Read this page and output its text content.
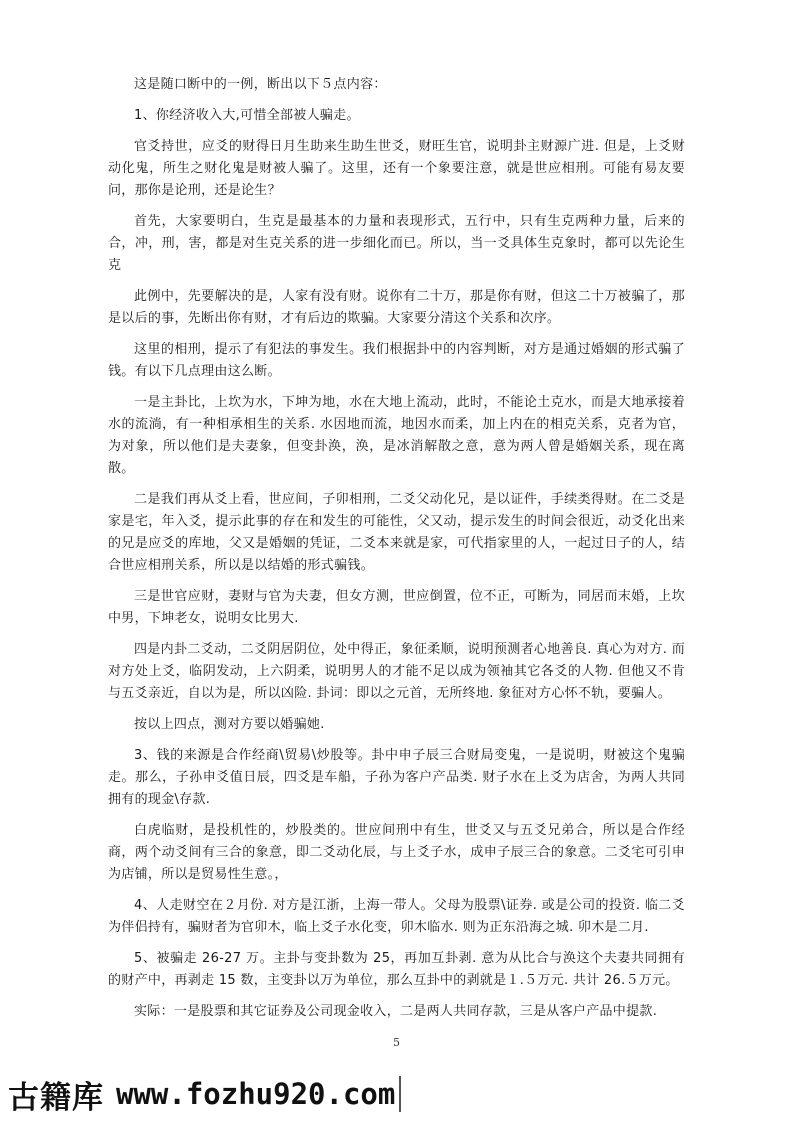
这是随口断中的一例，断出以下５点内容：

1、你经济收入大,可惜全部被人骗走。

官爻持世，应爻的财得日月生助来生助生世爻，财旺生官，说明卦主财源广进. 但是，上爻财动化鬼，所生之财化鬼是财被人骗了。这里，还有一个象要注意，就是世应相刑。可能有易友要问，那你是论刑，还是论生？

首先，大家要明白，生克是最基本的力量和表现形式，五行中，只有生克两种力量，后来的合，冲，刑，害，都是对生克关系的进一步细化而已。所以，当一爻具体生克象时，都可以先论生克

此例中，先要解决的是，人家有没有财。说你有二十万，那是你有财，但这二十万被骗了，那是以后的事，先断出你有财，才有后边的欺骗。大家要分清这个关系和次序。

这里的相刑，提示了有犯法的事发生。我们根据卦中的内容判断，对方是通过婚姻的形式骗了钱。有以下几点理由这么断。

一是主卦比，上坎为水，下坤为地，水在大地上流动，此时，不能论土克水，而是大地承接着水的流淌，有一种相承相生的关系. 水因地而流，地因水而柔，加上内在的相克关系，克者为官，为对象，所以他们是夫妻象，但变卦涣，涣，是冰消解散之意，意为两人曾是婚姻关系，现在离散。

二是我们再从爻上看，世应间，子卯相刑，二爻父动化兄，是以证件，手续类得财。在二爻是家是宅，年入爻，提示此事的存在和发生的可能性，父又动，提示发生的时间会很近，动爻化出来的兄是应爻的库地，父又是婚姻的凭证，二爻本来就是家，可代指家里的人，一起过日子的人，结合世应相刑关系，所以是以结婚的形式骗钱。

三是世官应财，妻财与官为夫妻，但女方测，世应倒置，位不正，可断为，同居而末婚，上坎中男，下坤老女，说明女比男大.

四是内卦二爻动，二爻阴居阴位，处中得正，象征柔顺，说明预测者心地善良. 真心为对方. 而对方处上爻，临阴发动，上六阴柔，说明男人的才能不足以成为领袖其它各爻的人物. 但他又不肯与五爻亲近，自以为是，所以凶险. 卦词：即以之元首，无所终地. 象征对方心怀不轨，要骗人。

按以上四点，测对方要以婚骗她.

3、钱的来源是合作经商\贸易\炒股等。卦中申子辰三合财局变鬼，一是说明，财被这个鬼骗走。那么，子孙申爻值日辰，四爻是车船，子孙为客户产品类. 财子水在上爻为店舍，为两人共同拥有的现金\存款.

白虎临财，是投机性的，炒股类的。世应间刑中有生，世爻又与五爻兄弟合，所以是合作经商，两个动爻间有三合的象意，即二爻动化辰，与上爻子水，成申子辰三合的象意。二爻宅可引申为店铺，所以是贸易性生意。，

4、人走财空在２月份. 对方是江浙，上海一带人。父母为股票\证券. 或是公司的投资. 临二爻为伴侣持有，骗财者为官卯木，临上爻子水化变，卯木临水. 则为正东沿海之城. 卯木是二月.

5、被骗走 26-27 万。主卦与变卦数为 25，再加互卦剥. 意为从比合与涣这个夫妻共同拥有的财产中，再剥走 15 数，主变卦以万为单位，那么互卦中的剥就是１.５万元. 共计 26.５万元。

实际：一是股票和其它证券及公司现金收入，二是两人共同存款，三是从客户产品中提款.

5
古籍库 www.fozhu920.com
